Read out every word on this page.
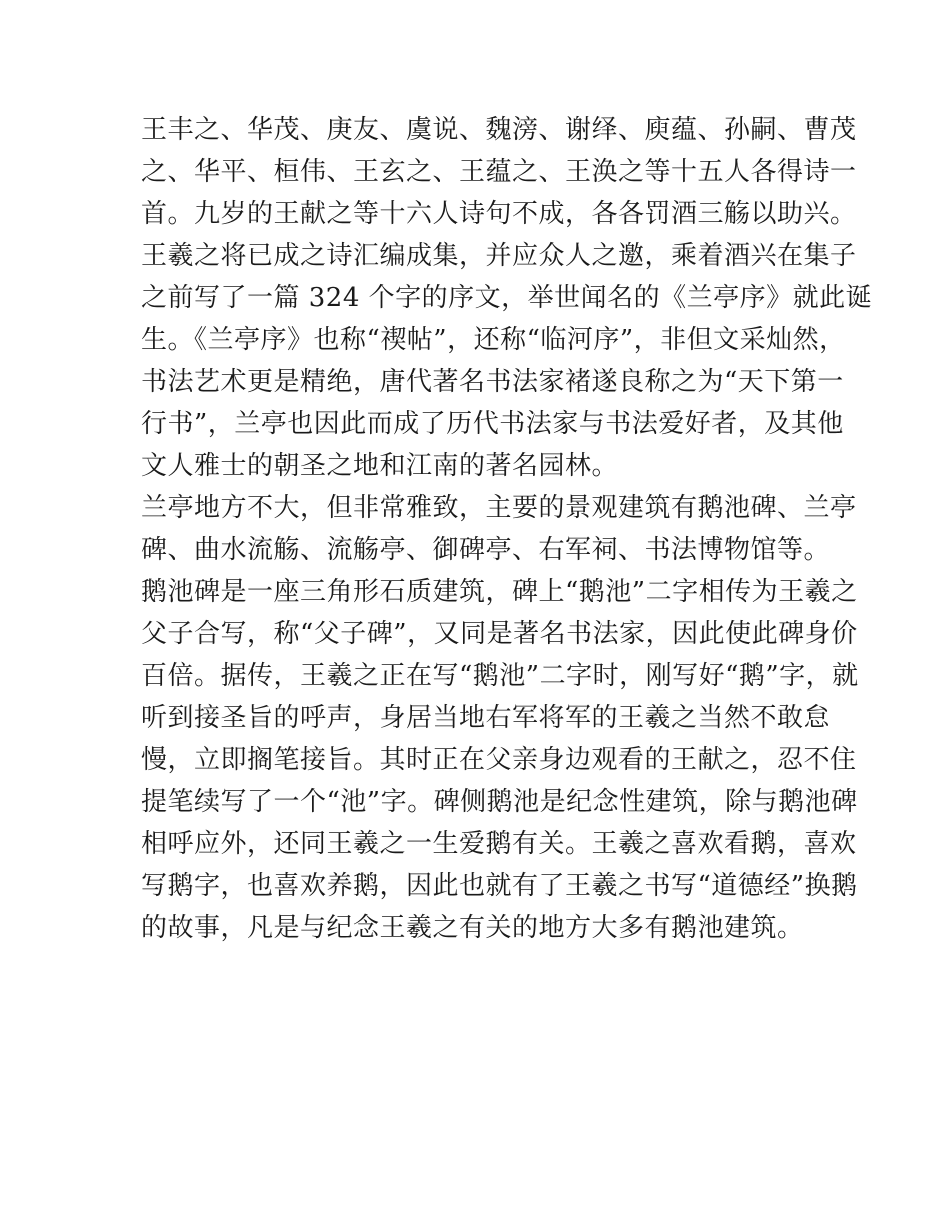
王丰之、华茂、庚友、虞说、魏滂、谢绎、庾蕴、孙嗣、曹茂
之、华平、桓伟、王玄之、王蕴之、王涣之等十五人各得诗一
首。九岁的王献之等十六人诗句不成，各各罚酒三觞以助兴。
王羲之将已成之诗汇编成集，并应众人之邀，乘着酒兴在集子
之前写了一篇 324 个字的序文，举世闻名的《兰亭序》就此诞
生。《兰亭序》也称“禊帖”，还称“临河序”，非但文采灿然，
书法艺术更是精绝，唐代著名书法家褚遂良称之为“天下第一
行书”，兰亭也因此而成了历代书法家与书法爱好者，及其他
文人雅士的朝圣之地和江南的著名园林。
兰亭地方不大，但非常雅致，主要的景观建筑有鹅池碑、兰亭
碑、曲水流觞、流觞亭、御碑亭、右军祠、书法博物馆等。
鹅池碑是一座三角形石质建筑，碑上“鹅池”二字相传为王羲之
父子合写，称“父子碑”，又同是著名书法家，因此使此碑身价
百倍。据传，王羲之正在写“鹅池”二字时，刚写好“鹅”字，就
听到接圣旨的呼声，身居当地右军将军的王羲之当然不敢怠
慢，立即搁笔接旨。其时正在父亲身边观看的王献之，忍不住
提笔续写了一个“池”字。碑侧鹅池是纪念性建筑，除与鹅池碑
相呼应外，还同王羲之一生爱鹅有关。王羲之喜欢看鹅，喜欢
写鹅字，也喜欢养鹅，因此也就有了王羲之书写“道德经”换鹅
的故事，凡是与纪念王羲之有关的地方大多有鹅池建筑。
